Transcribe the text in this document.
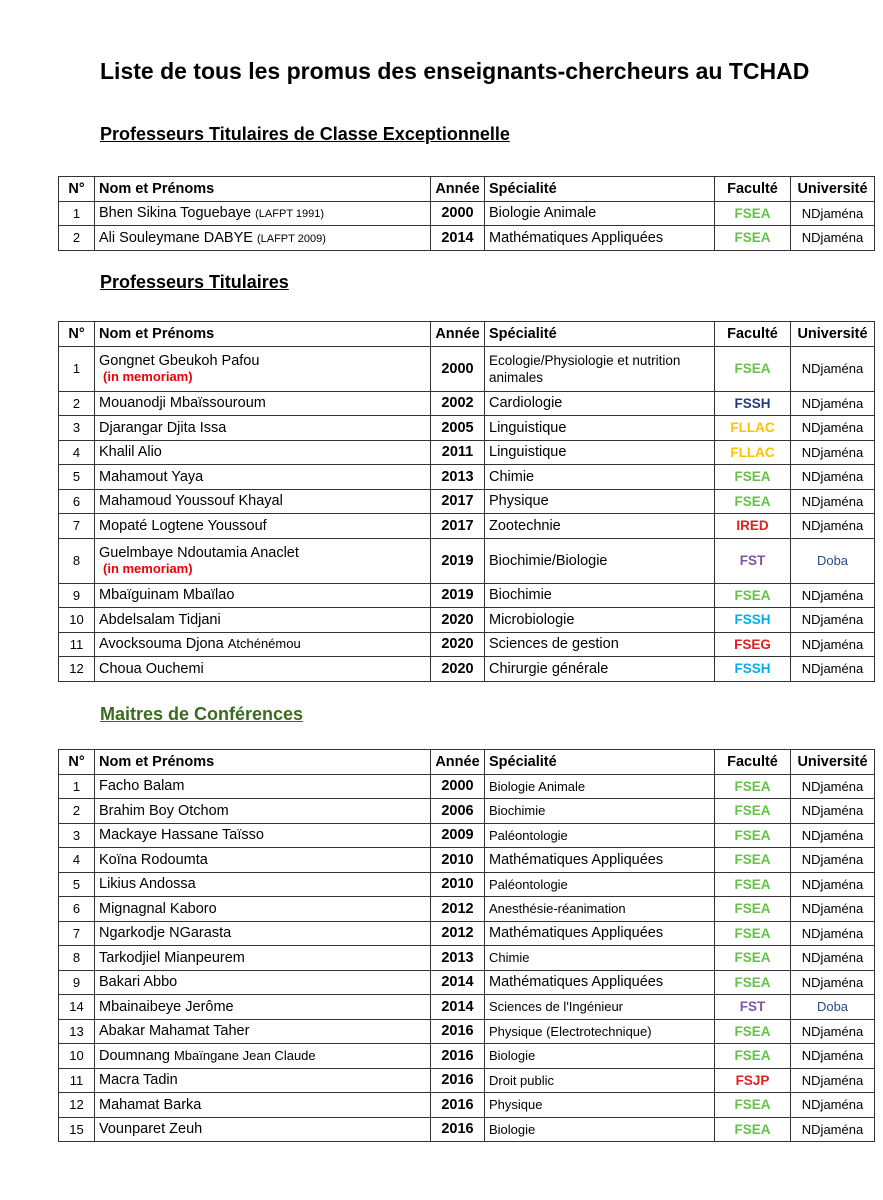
Liste de tous les promus des enseignants-chercheurs au TCHAD
Professeurs Titulaires de Classe Exceptionnelle
N°	Nom et Prénoms	Année	Spécialité	Faculté	Université
1	Bhen Sikina Toguebaye (LAFPT 1991)	2000	Biologie Animale	FSEA	NDjaména
2	Ali Souleymane DABYE (LAFPT 2009)	2014	Mathématiques Appliquées	FSEA	NDjaména
Professeurs Titulaires
N°	Nom et Prénoms	Année	Spécialité	Faculté	Université
1	Gongnet Gbeukoh Pafou
(in memoriam)	2000	Ecologie/Physiologie et nutrition animales	FSEA	NDjaména
2	Mouanodji Mbaïssouroum	2002	Cardiologie	FSSH	NDjaména
3	Djarangar Djita Issa	2005	Linguistique	FLLAC	NDjaména
4	Khalil Alio	2011	Linguistique	FLLAC	NDjaména
5	Mahamout Yaya	2013	Chimie	FSEA	NDjaména
6	Mahamoud Youssouf Khayal	2017	Physique	FSEA	NDjaména
7	Mopaté Logtene Youssouf	2017	Zootechnie	IRED	NDjaména
8	Guelmbaye Ndoutamia Anaclet
(in memoriam)	2019	Biochimie/Biologie	FST	Doba
9	Mbaïguinam Mbaïlao	2019	Biochimie	FSEA	NDjaména
10	Abdelsalam Tidjani	2020	Microbiologie	FSSH	NDjaména
11	Avocksouma Djona Atchénémou	2020	Sciences de gestion	FSEG	NDjaména
12	Choua Ouchemi	2020	Chirurgie générale	FSSH	NDjaména
Maitres de Conférences
N°	Nom et Prénoms	Année	Spécialité	Faculté	Université
1	Facho Balam	2000	Biologie Animale	FSEA	NDjaména
2	Brahim Boy Otchom	2006	Biochimie	FSEA	NDjaména
3	Mackaye Hassane Taïsso	2009	Paléontologie	FSEA	NDjaména
4	Koïna Rodoumta	2010	Mathématiques Appliquées	FSEA	NDjaména
5	Likius Andossa	2010	Paléontologie	FSEA	NDjaména
6	Mignagnal Kaboro	2012	Anesthésie-réanimation	FSEA	NDjaména
7	Ngarkodje NGarasta	2012	Mathématiques Appliquées	FSEA	NDjaména
8	Tarkodjiel Mianpeurem	2013	Chimie	FSEA	NDjaména
9	Bakari Abbo	2014	Mathématiques Appliquées	FSEA	NDjaména
14	Mbainaibeye Jerôme	2014	Sciences de l'Ingénieur	FST	Doba
13	Abakar Mahamat Taher	2016	Physique (Electrotechnique)	FSEA	NDjaména
10	Doumnang Mbaïngane Jean Claude	2016	Biologie	FSEA	NDjaména
11	Macra Tadin	2016	Droit public	FSJP	NDjaména
12	Mahamat Barka	2016	Physique	FSEA	NDjaména
15	Vounparet Zeuh	2016	Biologie	FSEA	NDjaména
